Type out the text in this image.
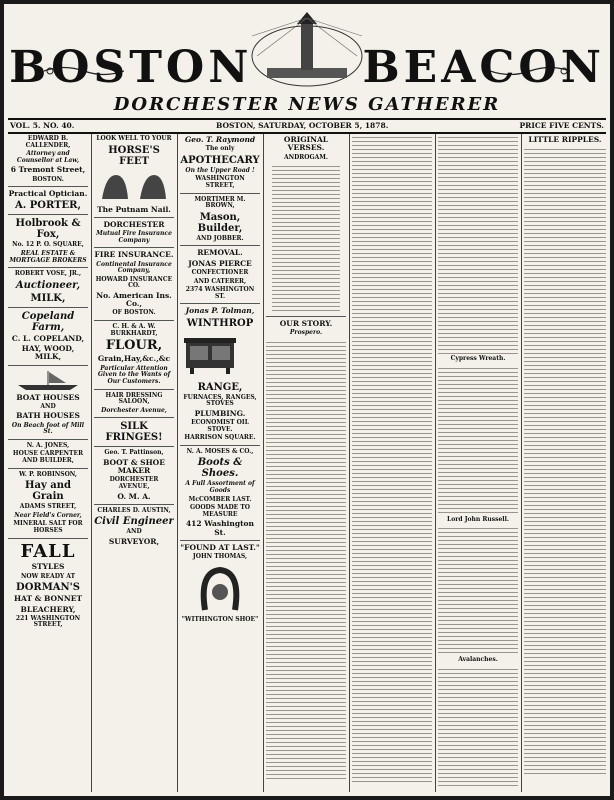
BOSTON	BEACON
DORCHESTER NEWS GATHERER
VOL. 5. NO. 40.	BOSTON, SATURDAY, OCTOBER 5, 1878.	PRICE FIVE CENTS.
EDWARD B. CALLENDER,
Attorney and Counsellor at Law,
6 Tremont Street,
BOSTON.
Practical Optician.
A. PORTER,
Holbrook & Fox,
No. 12 P. O. SQUARE,
REAL ESTATE & MORTGAGE BROKERS
ROBERT VOSE, JR.,
Auctioneer,
MILK,
Copeland Farm,
C. L. COPELAND,
HAY, WOOD, MILK,
BOAT HOUSES
AND
BATH HOUSES
On Beach foot of Mill St.
N. A. JONES,
HOUSE CARPENTER AND BUILDER,
W. P. ROBINSON,
Hay and Grain
ADAMS STREET,
Near Field's Corner,
MINERAL SALT FOR HORSES
FALL
STYLES
NOW READY AT
DORMAN'S
HAT & BONNET
BLEACHERY,
221 WASHINGTON STREET,
LOOK WELL TO YOUR
HORSE'S FEET
The Putnam Nail.
DORCHESTER
Mutual Fire Insurance Company
FIRE INSURANCE.
Continental Insurance Company,
HOWARD INSURANCE CO.
No. American Ins. Co.,
OF BOSTON.
C. H. & A. W. BURKHARDT,
FLOUR,
Grain,Hay,&c.,&c
Particular Attention Given to the Wants of Our Customers.
HAIR DRESSING SALOON,
Dorchester Avenue,
SILK FRINGES!
Geo. T. Pattinson,
BOOT & SHOE MAKER
DORCHESTER AVENUE,
O. M. A.
CHARLES D. AUSTIN,
Civil Engineer
AND
SURVEYOR,
Geo. T. Raymond
The only
APOTHECARY
On the Upper Road !
WASHINGTON STREET,
MORTIMER M. BROWN,
Mason, Builder,
AND JOBBER.
REMOVAL.
JONAS PIERCE
CONFECTIONER
AND CATERER,
2374 WASHINGTON ST.
Jonas P. Tolman,
WINTHROP
RANGE,
FURNACES, RANGES, STOVES
PLUMBING.
ECONOMIST OIL STOVE.
HARRISON SQUARE.
N. A. MOSES & CO.,
Boots & Shoes.
A Full Assortment of Goods
McCOMBER LAST.
GOODS MADE TO MEASURE
412 Washington St.
"FOUND AT LAST."
JOHN THOMAS,
"WITHINGTON SHOE"
ORIGINAL VERSES.
ANDROGAM.
OUR STORY.
Prospero.
Cypress Wreath.
Lord John Russell.
Avalanches.
LITTLE RIPPLES.
